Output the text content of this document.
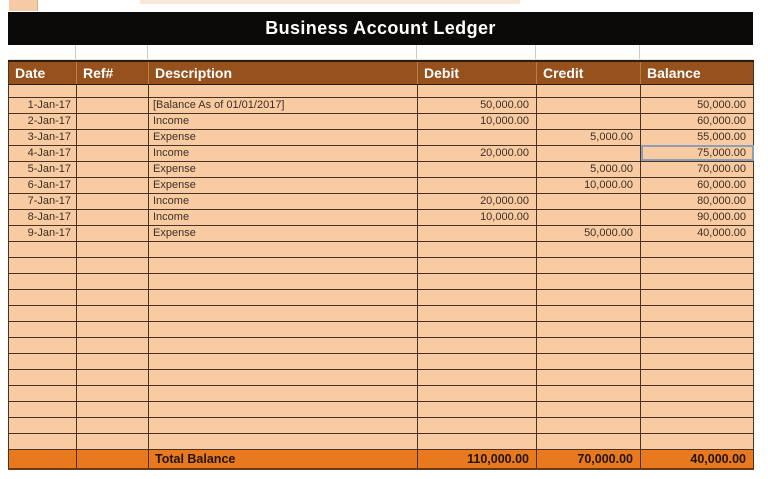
Business Account Ledger
Date	Ref#	Description	Debit	Credit	Balance

1-Jan-17		[Balance As of 01/01/2017]	50,000.00		50,000.00
2-Jan-17		Income	10,000.00		60,000.00
3-Jan-17		Expense		5,000.00	55,000.00
4-Jan-17		Income	20,000.00		75,000.00
5-Jan-17		Expense		5,000.00	70,000.00
6-Jan-17		Expense		10,000.00	60,000.00
7-Jan-17		Income	20,000.00		80,000.00
8-Jan-17		Income	10,000.00		90,000.00
9-Jan-17		Expense		50,000.00	40,000.00

		Total Balance	110,000.00	70,000.00	40,000.00
